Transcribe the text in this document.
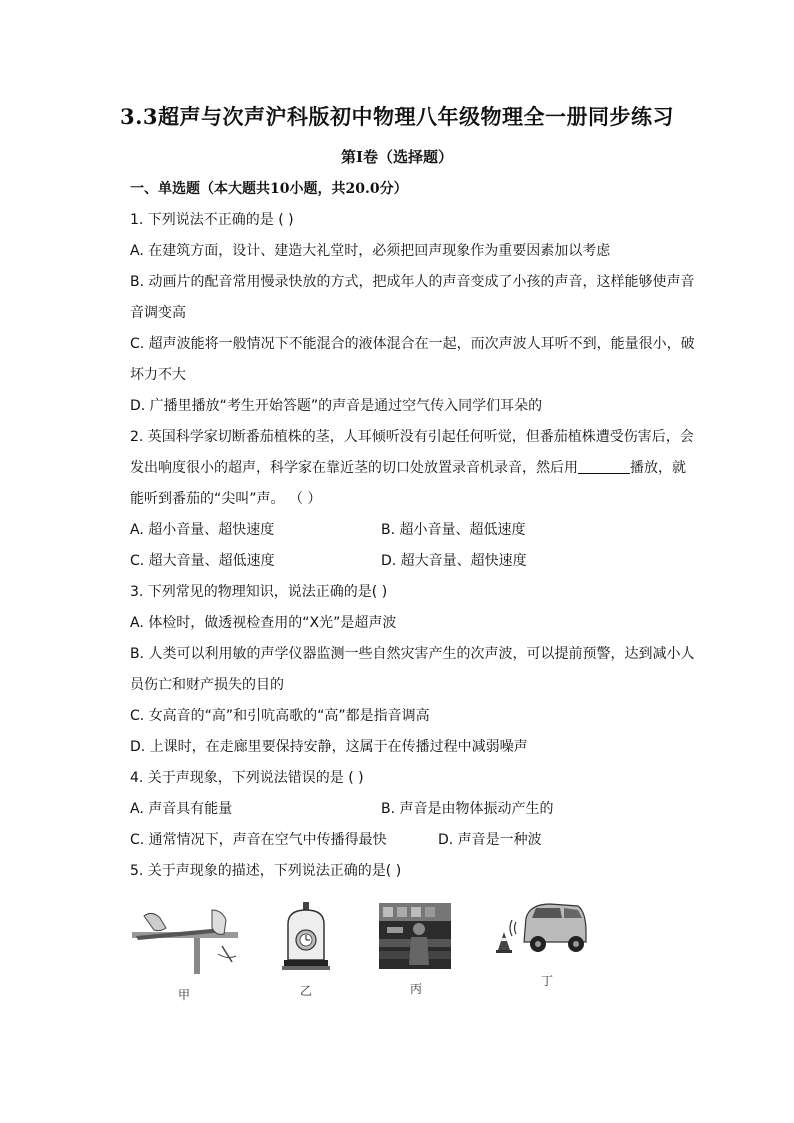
3.3超声与次声沪科版初中物理八年级物理全一册同步练习
第Ⅰ卷（选择题）
一、单选题（本大题共10小题，共20.0分）
1. 下列说法不正确的是 ( )
A. 在建筑方面，设计、建造大礼堂时，必须把回声现象作为重要因素加以考虑
B. 动画片的配音常用慢录快放的方式，把成年人的声音变成了小孩的声音，这样能够使声音
音调变高
C. 超声波能将一般情况下不能混合的液体混合在一起，而次声波人耳听不到，能量很小，破
坏力不大
D. 广播里播放“考生开始答题”的声音是通过空气传入同学们耳朵的
2. 英国科学家切断番茄植株的茎，人耳倾听没有引起任何听觉，但番茄植株遭受伤害后，会
发出响度很小的超声，科学家在靠近茎的切口处放置录音机录音，然后用	播放，就
能听到番茄的“尖叫”声。 （ ）
A. 超小音量、超快速度	B. 超小音量、超低速度
C. 超大音量、超低速度	D. 超大音量、超快速度
3. 下列常见的物理知识，说法正确的是( )
A. 体检时，做透视检查用的“X光”是超声波
B. 人类可以利用敏的声学仪器监测一些自然灾害产生的次声波，可以提前预警，达到减小人
员伤亡和财产损失的目的
C. 女高音的“高”和引吭高歌的“高”都是指音调高
D. 上课时，在走廊里要保持安静，这属于在传播过程中减弱噪声
4. 关于声现象，下列说法错误的是 ( )
A. 声音具有能量	B. 声音是由物体振动产生的
C. 通常情况下，声音在空气中传播得最快	D. 声音是一种波
5. 关于声现象的描述，下列说法正确的是( )
甲	乙	丙
丁
